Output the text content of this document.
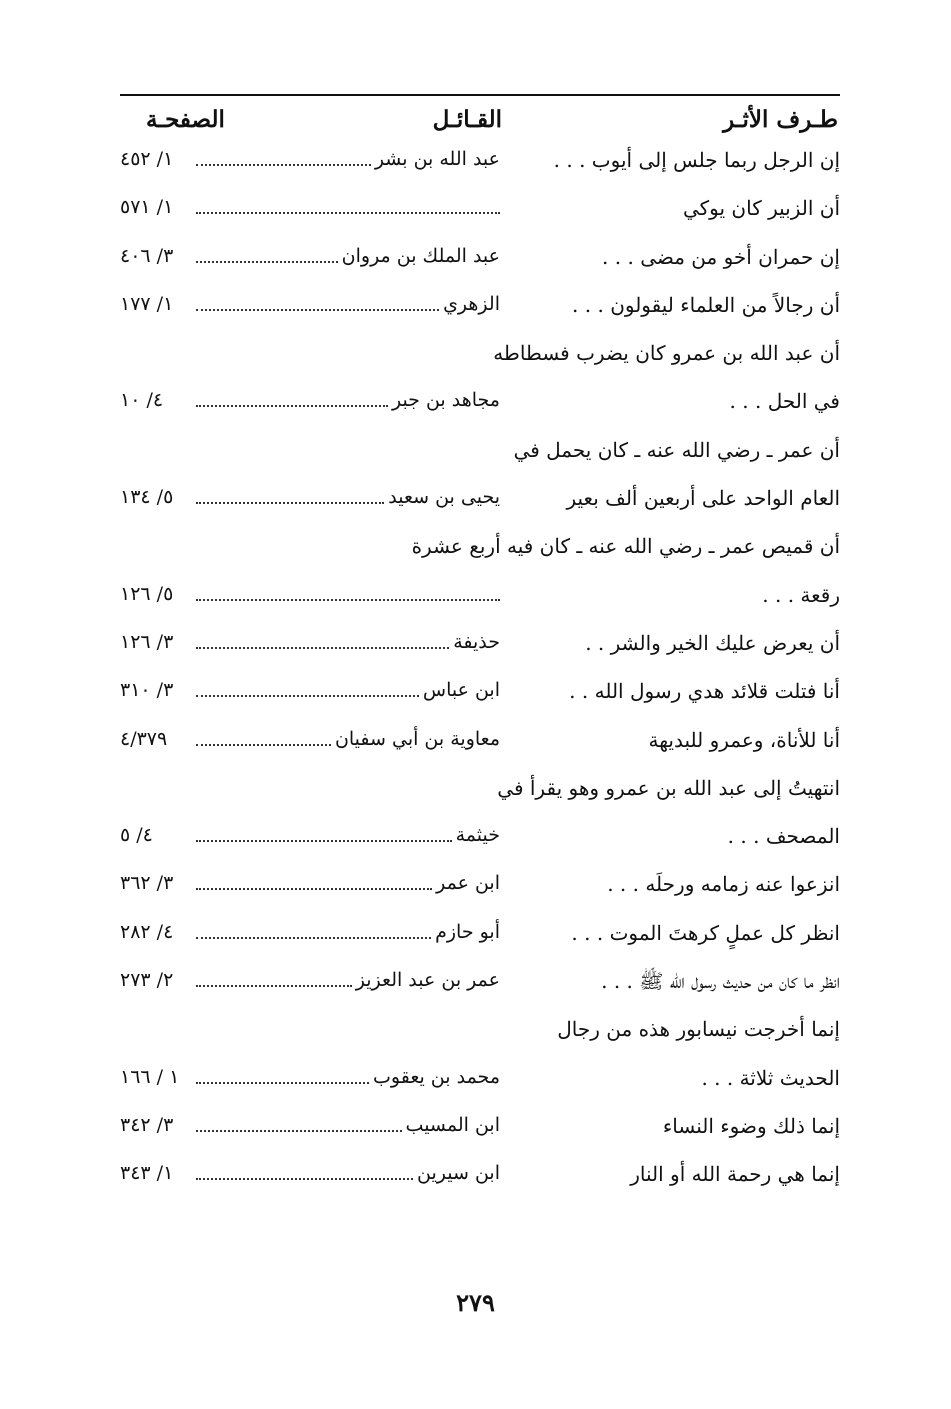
طـرف الأثـر
القـائـل
الصفحـة
إن الرجل ربما جلس إلى أيوب . . .
عبد الله بن بشر
١/ ٤٥٢
أن الزبير كان يوكي
١/ ٥٧١
إن حمران أخو من مضى . . .
عبد الملك بن مروان
٣/ ٤٠٦
أن رجالاً من العلماء ليقولون . . .
الزهري
١/ ١٧٧
أن عبد الله بن عمرو كان يضرب فسطاطه
في الحل . . .
مجاهد بن جبر
٤/ ١٠
أن عمر ـ رضي الله عنه ـ كان يحمل في
العام الواحد على أربعين ألف بعير
يحيى بن سعيد
٥/ ١٣٤
أن قميص عمر ـ رضي الله عنه ـ كان فيه أربع عشرة
رقعة . . .
٥/ ١٢٦
أن يعرض عليك الخير والشر . .
حذيفة
٣/ ١٢٦
أنا فتلت قلائد هدي رسول الله . .
ابن عباس
٣/ ٣١٠
أنا للأناة، وعمرو للبديهة
معاوية بن أبي سفيان
٤/٣٧٩
انتهيتُ إلى عبد الله بن عمرو وهو يقرأ في
المصحف . . .
خيثمة
٤/ ٥
انزعوا عنه زمامه ورحلَه . . .
ابن عمر
٣/ ٣٦٢
انظر كل عملٍ كرهتَ الموت . . .
أبو حازم
٤/ ٢٨٢
انظر ما كان من حديث رسول الله ﷺ . . .
عمر بن عبد العزيز
٢/ ٢٧٣
إنما أخرجت نيسابور هذه من رجال
الحديث ثلاثة . . .
محمد بن يعقوب
١ / ١٦٦
إنما ذلك وضوء النساء
ابن المسيب
٣/ ٣٤٢
إنما هي رحمة الله أو النار
ابن سيرين
١/ ٣٤٣
٢٧٩
